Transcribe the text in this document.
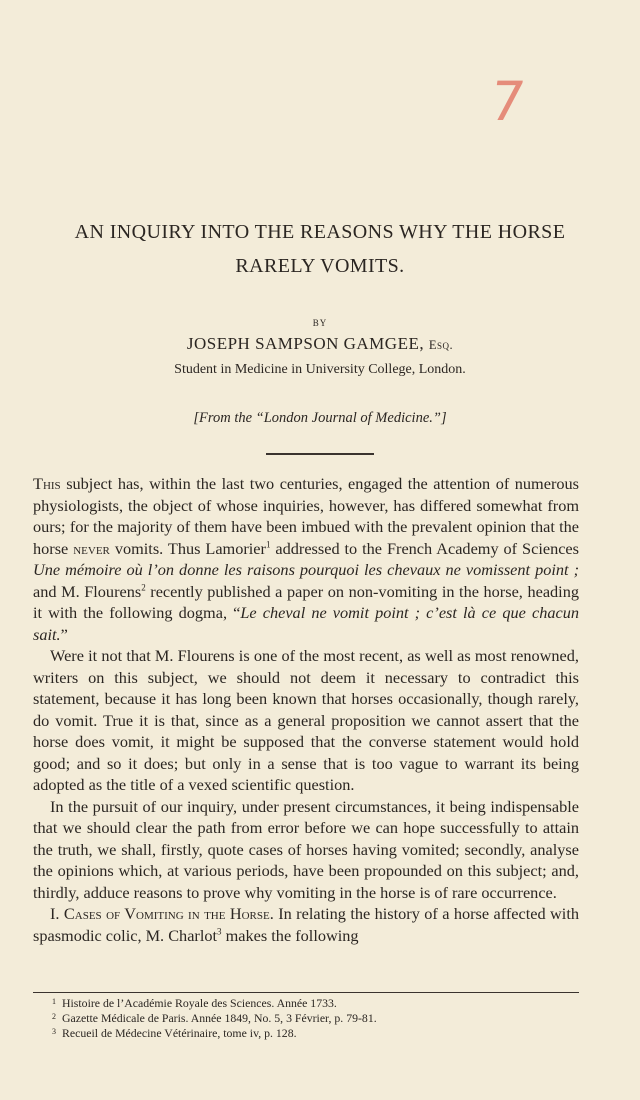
7
AN INQUIRY INTO THE REASONS WHY THE HORSE
RARELY VOMITS.
BY
JOSEPH SAMPSON GAMGEE, Esq.
Student in Medicine in University College, London.
[From the “London Journal of Medicine.”]

This subject has, within the last two centuries, engaged the attention of numerous physiologists, the object of whose inquiries, however, has differed somewhat from ours; for the majority of them have been imbued with the prevalent opinion that the horse never vomits. Thus Lamorier$^1$ addressed to the French Academy of Sciences Une mémoire où l’on donne les raisons pourquoi les chevaux ne vomissent point ; and M. Flourens$^2$ recently published a paper on non-vomiting in the horse, heading it with the following dogma, “Le cheval ne vomit point ; c’est là ce que chacun sait.”

Were it not that M. Flourens is one of the most recent, as well as most renowned, writers on this subject, we should not deem it necessary to contradict this statement, because it has long been known that horses occasionally, though rarely, do vomit. True it is that, since as a general proposition we cannot assert that the horse does vomit, it might be supposed that the converse statement would hold good; and so it does; but only in a sense that is too vague to warrant its being adopted as the title of a vexed scientific question.

In the pursuit of our inquiry, under present circumstances, it being indispensable that we should clear the path from error before we can hope successfully to attain the truth, we shall, firstly, quote cases of horses having vomited; secondly, analyse the opinions which, at various periods, have been propounded on this subject; and, thirdly, adduce reasons to prove why vomiting in the horse is of rare occurrence.

I. Cases of Vomiting in the Horse. In relating the history of a horse affected with spasmodic colic, M. Charlot$^3$ makes the following

$^1$ Histoire de l’Académie Royale des Sciences. Année 1733.
$^2$ Gazette Médicale de Paris. Année 1849, No. 5, 3 Février, p. 79-81.
$^3$ Recueil de Médecine Vétérinaire, tome iv, p. 128.
